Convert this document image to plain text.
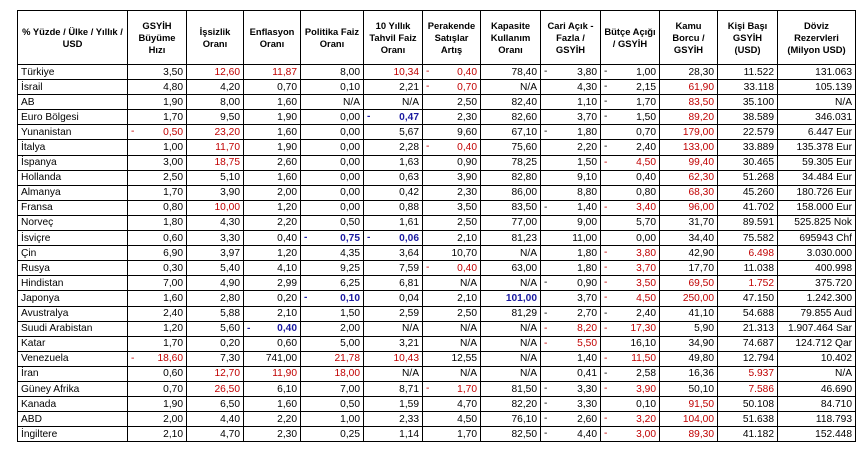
% Yüzde / Ülke / Yıllık / USD	GSYİH Büyüme Hızı	İşsizlik Oranı	Enflasyon Oranı	Politika Faiz Oranı	10 Yıllık Tahvil Faiz Oranı	Perakende Satışlar Artış	Kapasite Kullanım Oranı	Cari Açık - Fazla / GSYİH	Bütçe Açığı / GSYİH	Kamu Borcu / GSYİH	Kişi Başı GSYİH (USD)	Döviz Rezervleri (Milyon USD)
Türkiye	3,50	12,60	11,87	8,00	10,34	- 0,40	78,40	- 3,80	- 1,00	28,30	11.522	131.063
İsrail	4,80	4,20	0,70	0,10	2,21	- 0,70	N/A	4,30	- 2,15	61,90	33.118	105.139
AB	1,90	8,00	1,60	N/A	N/A	2,50	82,40	1,10	- 1,70	83,50	35.100	N/A
Euro Bölgesi	1,70	9,50	1,90	0,00	- 0,47	2,30	82,60	3,70	- 1,50	89,20	38.589	346.031
Yunanistan	- 0,50	23,20	1,60	0,00	5,67	9,60	67,10	- 1,80	0,70	179,00	22.579	6.447 Eur
İtalya	1,00	11,70	1,90	0,00	2,28	- 0,40	75,60	2,20	- 2,40	133,00	33.889	135.378 Eur
İspanya	3,00	18,75	2,60	0,00	1,63	0,90	78,25	1,50	- 4,50	99,40	30.465	59.305 Eur
Hollanda	2,50	5,10	1,60	0,00	0,63	3,90	82,80	9,10	0,40	62,30	51.268	34.484 Eur
Almanya	1,70	3,90	2,00	0,00	0,42	2,30	86,00	8,80	0,80	68,30	45.260	180.726 Eur
Fransa	0,80	10,00	1,20	0,00	0,88	3,50	83,50	- 1,40	- 3,40	96,00	41.702	158.000 Eur
Norveç	1,80	4,30	2,20	0,50	1,61	2,50	77,00	9,00	5,70	31,70	89.591	525.825 Nok
İsviçre	0,60	3,30	0,40	- 0,75	- 0,06	2,10	81,23	11,00	0,00	34,40	75.582	695943 Chf
Çin	6,90	3,97	1,20	4,35	3,64	10,70	N/A	1,80	- 3,80	42,90	6.498	3.030.000
Rusya	0,30	5,40	4,10	9,25	7,59	- 0,40	63,00	1,80	- 3,70	17,70	11.038	400.998
Hindistan	7,00	4,90	2,99	6,25	6,81	N/A	N/A	- 0,90	- 3,50	69,50	1.752	375.720
Japonya	1,60	2,80	0,20	- 0,10	0,04	2,10	101,00	3,70	- 4,50	250,00	47.150	1.242.300
Avustralya	2,40	5,88	2,10	1,50	2,59	2,50	81,29	- 2,70	- 2,40	41,10	54.688	79.855 Aud
Suudi Arabistan	1,20	5,60	- 0,40	2,00	N/A	N/A	N/A	- 8,20	- 17,30	5,90	21.313	1.907.464 Sar
Katar	1,70	0,20	0,60	5,00	3,21	N/A	N/A	- 5,50	16,10	34,90	74.687	124.712 Qar
Venezuela	- 18,60	7,30	741,00	21,78	10,43	12,55	N/A	1,40	- 11,50	49,80	12.794	10.402
İran	0,60	12,70	11,90	18,00	N/A	N/A	N/A	0,41	- 2,58	16,36	5.937	N/A
Güney Afrika	0,70	26,50	6,10	7,00	8,71	- 1,70	81,50	- 3,30	- 3,90	50,10	7.586	46.690
Kanada	1,90	6,50	1,60	0,50	1,59	4,70	82,20	- 3,30	0,10	91,50	50.108	84.710
ABD	2,00	4,40	2,20	1,00	2,33	4,50	76,10	- 2,60	- 3,20	104,00	51.638	118.793
İngiltere	2,10	4,70	2,30	0,25	1,14	1,70	82,50	- 4,40	- 3,00	89,30	41.182	152.448
